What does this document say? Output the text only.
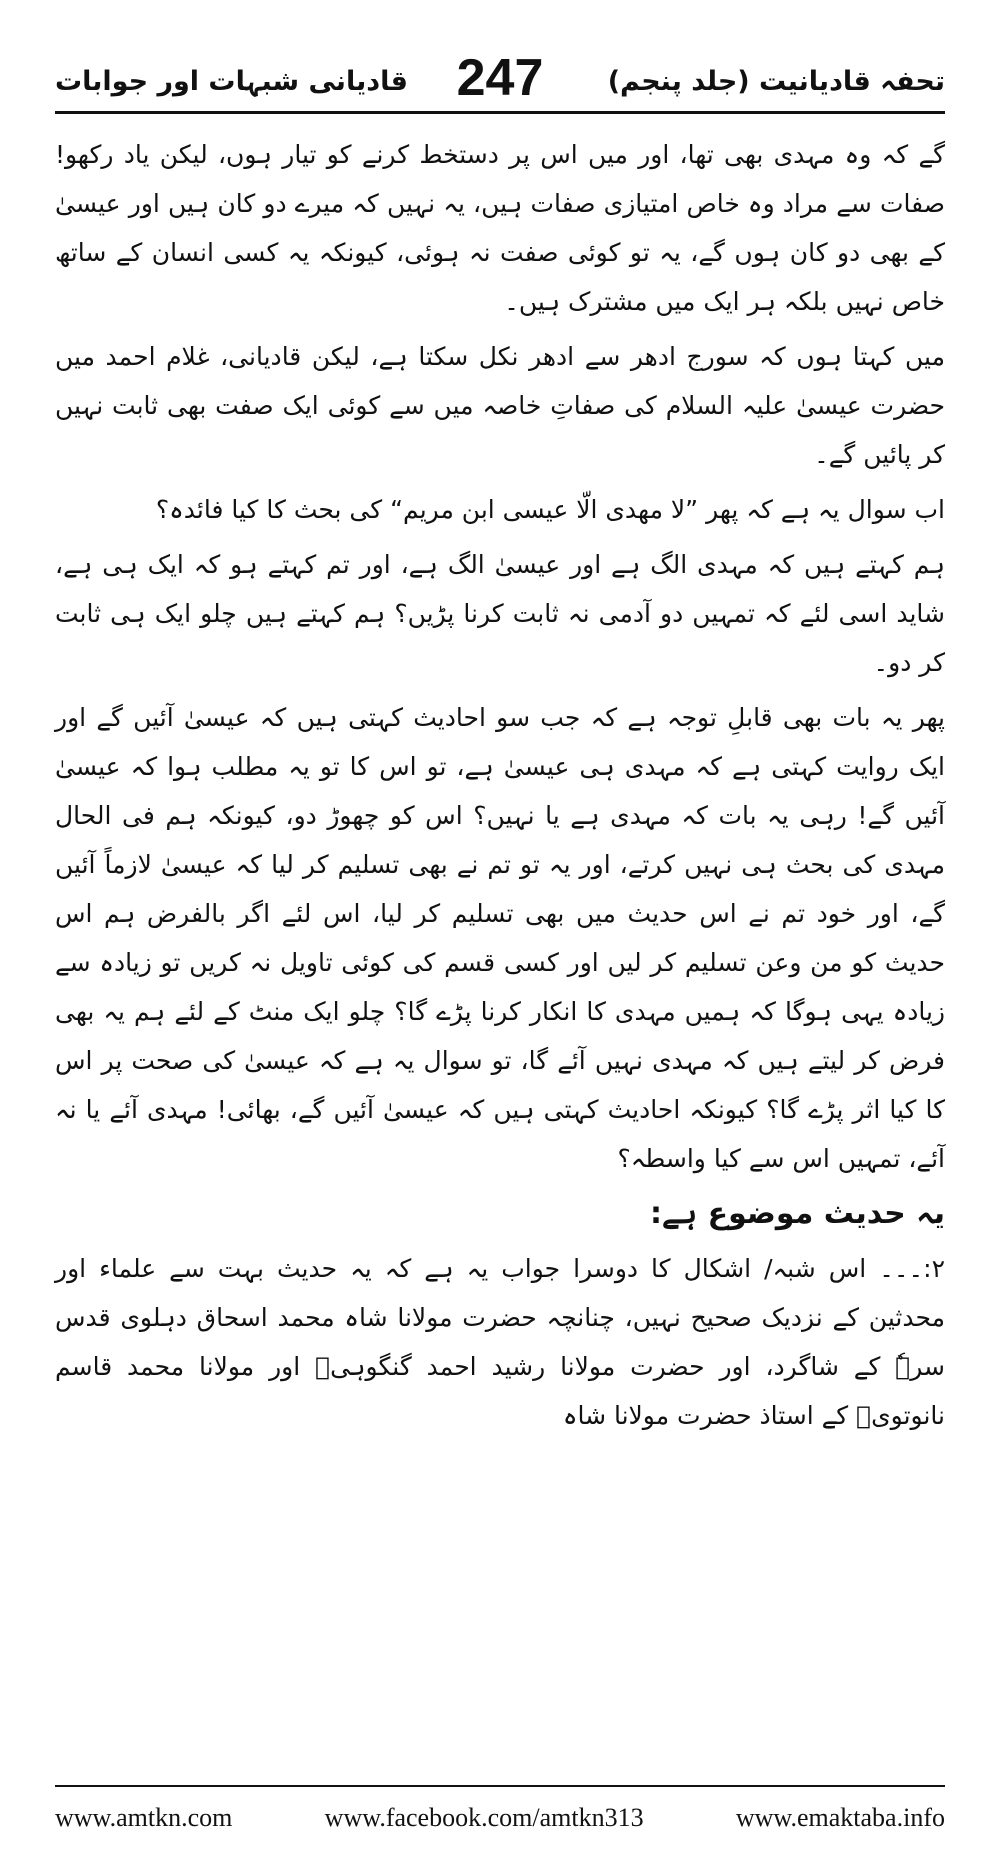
قادیانی شبہات اور جوابات 247	تحفہ قادیانیت (جلد پنجم)

گے کہ وہ مہدی بھی تھا، اور میں اس پر دستخط کرنے کو تیار ہوں، لیکن یاد رکھو! صفات سے مراد وہ خاص امتیازی صفات ہیں، یہ نہیں کہ میرے دو کان ہیں اور عیسیٰ کے بھی دو کان ہوں گے، یہ تو کوئی صفت نہ ہوئی، کیونکہ یہ کسی انسان کے ساتھ خاص نہیں بلکہ ہر ایک میں مشترک ہیں۔

میں کہتا ہوں کہ سورج ادھر سے ادھر نکل سکتا ہے، لیکن قادیانی، غلام احمد میں حضرت عیسیٰ علیہ السلام کی صفاتِ خاصہ میں سے کوئی ایک صفت بھی ثابت نہیں کر پائیں گے۔

اب سوال یہ ہے کہ پھر ”لا مھدی الّا عیسی ابن مریم“ کی بحث کا کیا فائدہ؟

ہم کہتے ہیں کہ مہدی الگ ہے اور عیسیٰ الگ ہے، اور تم کہتے ہو کہ ایک ہی ہے، شاید اسی لئے کہ تمہیں دو آدمی نہ ثابت کرنا پڑیں؟ ہم کہتے ہیں چلو ایک ہی ثابت کر دو۔

پھر یہ بات بھی قابلِ توجہ ہے کہ جب سو احادیث کہتی ہیں کہ عیسیٰ آئیں گے اور ایک روایت کہتی ہے کہ مہدی ہی عیسیٰ ہے، تو اس کا تو یہ مطلب ہوا کہ عیسیٰ آئیں گے! رہی یہ بات کہ مہدی ہے یا نہیں؟ اس کو چھوڑ دو، کیونکہ ہم فی الحال مہدی کی بحث ہی نہیں کرتے، اور یہ تو تم نے بھی تسلیم کر لیا کہ عیسیٰ لازماً آئیں گے، اور خود تم نے اس حدیث میں بھی تسلیم کر لیا، اس لئے اگر بالفرض ہم اس حدیث کو من وعن تسلیم کر لیں اور کسی قسم کی کوئی تاویل نہ کریں تو زیادہ سے زیادہ یہی ہوگا کہ ہمیں مہدی کا انکار کرنا پڑے گا؟ چلو ایک منٹ کے لئے ہم یہ بھی فرض کر لیتے ہیں کہ مہدی نہیں آئے گا، تو سوال یہ ہے کہ عیسیٰ کی صحت پر اس کا کیا اثر پڑے گا؟ کیونکہ احادیث کہتی ہیں کہ عیسیٰ آئیں گے، بھائی! مہدی آئے یا نہ آئے، تمہیں اس سے کیا واسطہ؟

یہ حدیث موضوع ہے:

۲:۔۔۔ اس شبہ/ اشکال کا دوسرا جواب یہ ہے کہ یہ حدیث بہت سے علماء اور محدثین کے نزدیک صحیح نہیں، چنانچہ حضرت مولانا شاہ محمد اسحاق دہلوی قدس سرہٗ کے شاگرد، اور حضرت مولانا رشید احمد گنگوہیؒ اور مولانا محمد قاسم نانوتویؒ کے استاذ حضرت مولانا شاہ

www.amtkn.com	www.facebook.com/amtkn313	www.emaktaba.info
